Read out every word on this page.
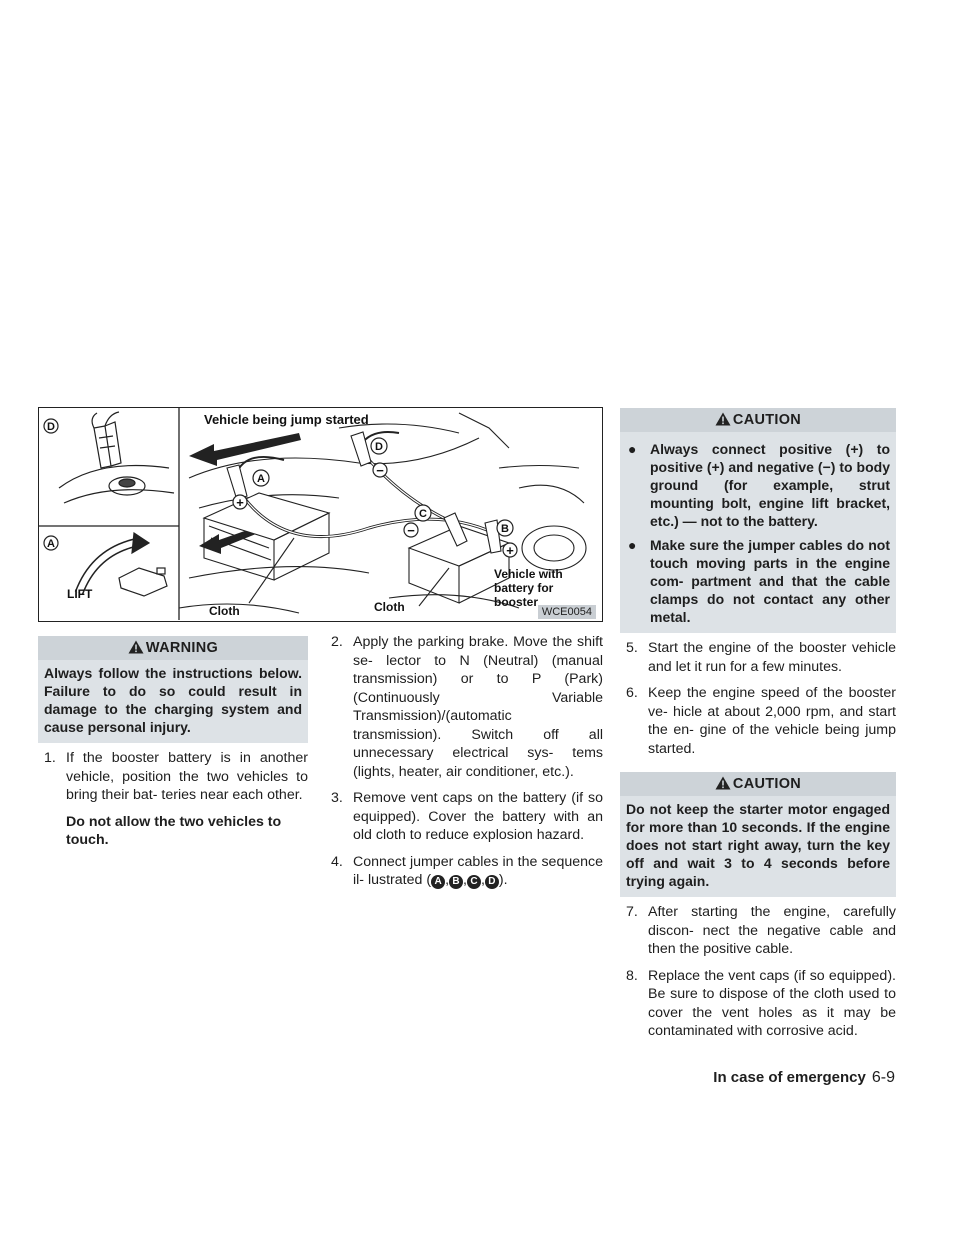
D
A
LIFT
Vehicle being jump started
A
+
D
−
C
−	B
+
Cloth	Cloth
Vehicle with
battery for
booster
WCE0054
WARNING
Always follow the instructions below. Failure to do so could result in damage to the charging system and cause personal injury.
1. If the booster battery is in another vehicle, position the two vehicles to bring their bat- teries near each other.
Do not allow the two vehicles to touch.
2. Apply the parking brake. Move the shift se- lector to N (Neutral) (manual transmission) or to P (Park) (Continuously Variable Transmission)/(automatic transmission). Switch off all unnecessary electrical sys- tems (lights, heater, air conditioner, etc.).
3. Remove vent caps on the battery (if so equipped). Cover the battery with an old cloth to reduce explosion hazard.
4. Connect jumper cables in the sequence il- lustrated ( A , B , C , D ).
CAUTION
● Always connect positive (+) to positive (+) and negative (−) to body ground (for example, strut mounting bolt, engine lift bracket, etc.) — not to the battery.
● Make sure the jumper cables do not touch moving parts in the engine com- partment and that the cable clamps do not contact any other metal.
5. Start the engine of the booster vehicle and let it run for a few minutes.
6. Keep the engine speed of the booster ve- hicle at about 2,000 rpm, and start the en- gine of the vehicle being jump started.
CAUTION
Do not keep the starter motor engaged for more than 10 seconds. If the engine does not start right away, turn the key off and wait 3 to 4 seconds before trying again.
7. After starting the engine, carefully discon- nect the negative cable and then the positive cable.
8. Replace the vent caps (if so equipped). Be sure to dispose of the cloth used to cover the vent holes as it may be contaminated with corrosive acid.
In case of emergency 6-9
